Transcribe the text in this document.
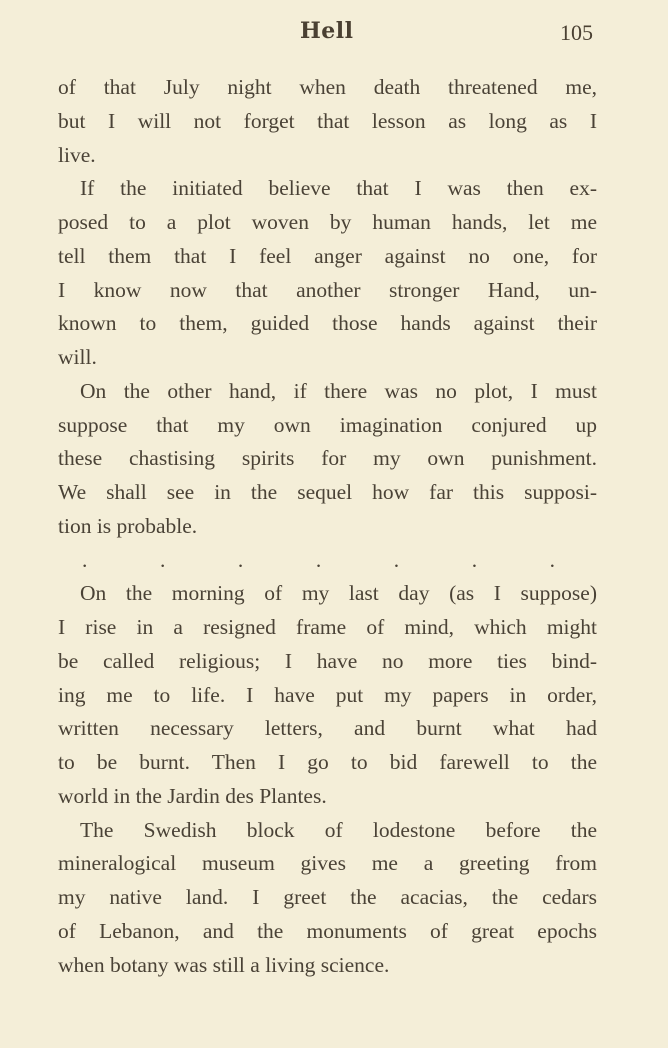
Hell	105
of that July night when death threatened me,
but I will not forget that lesson as long as I
live.
If the initiated believe that I was then ex-
posed to a plot woven by human hands, let me
tell them that I feel anger against no one, for
I know now that another stronger Hand, un-
known to them, guided those hands against their
will.
On the other hand, if there was no plot, I must
suppose that my own imagination conjured up
these chastising spirits for my own punishment.
We shall see in the sequel how far this supposi-
tion is probable.
.	.	.	.	.	.	.
On the morning of my last day (as I suppose)
I rise in a resigned frame of mind, which might
be called religious; I have no more ties bind-
ing me to life. I have put my papers in order,
written necessary letters, and burnt what had
to be burnt. Then I go to bid farewell to the
world in the Jardin des Plantes.
The Swedish block of lodestone before the
mineralogical museum gives me a greeting from
my native land. I greet the acacias, the cedars
of Lebanon, and the monuments of great epochs
when botany was still a living science.
